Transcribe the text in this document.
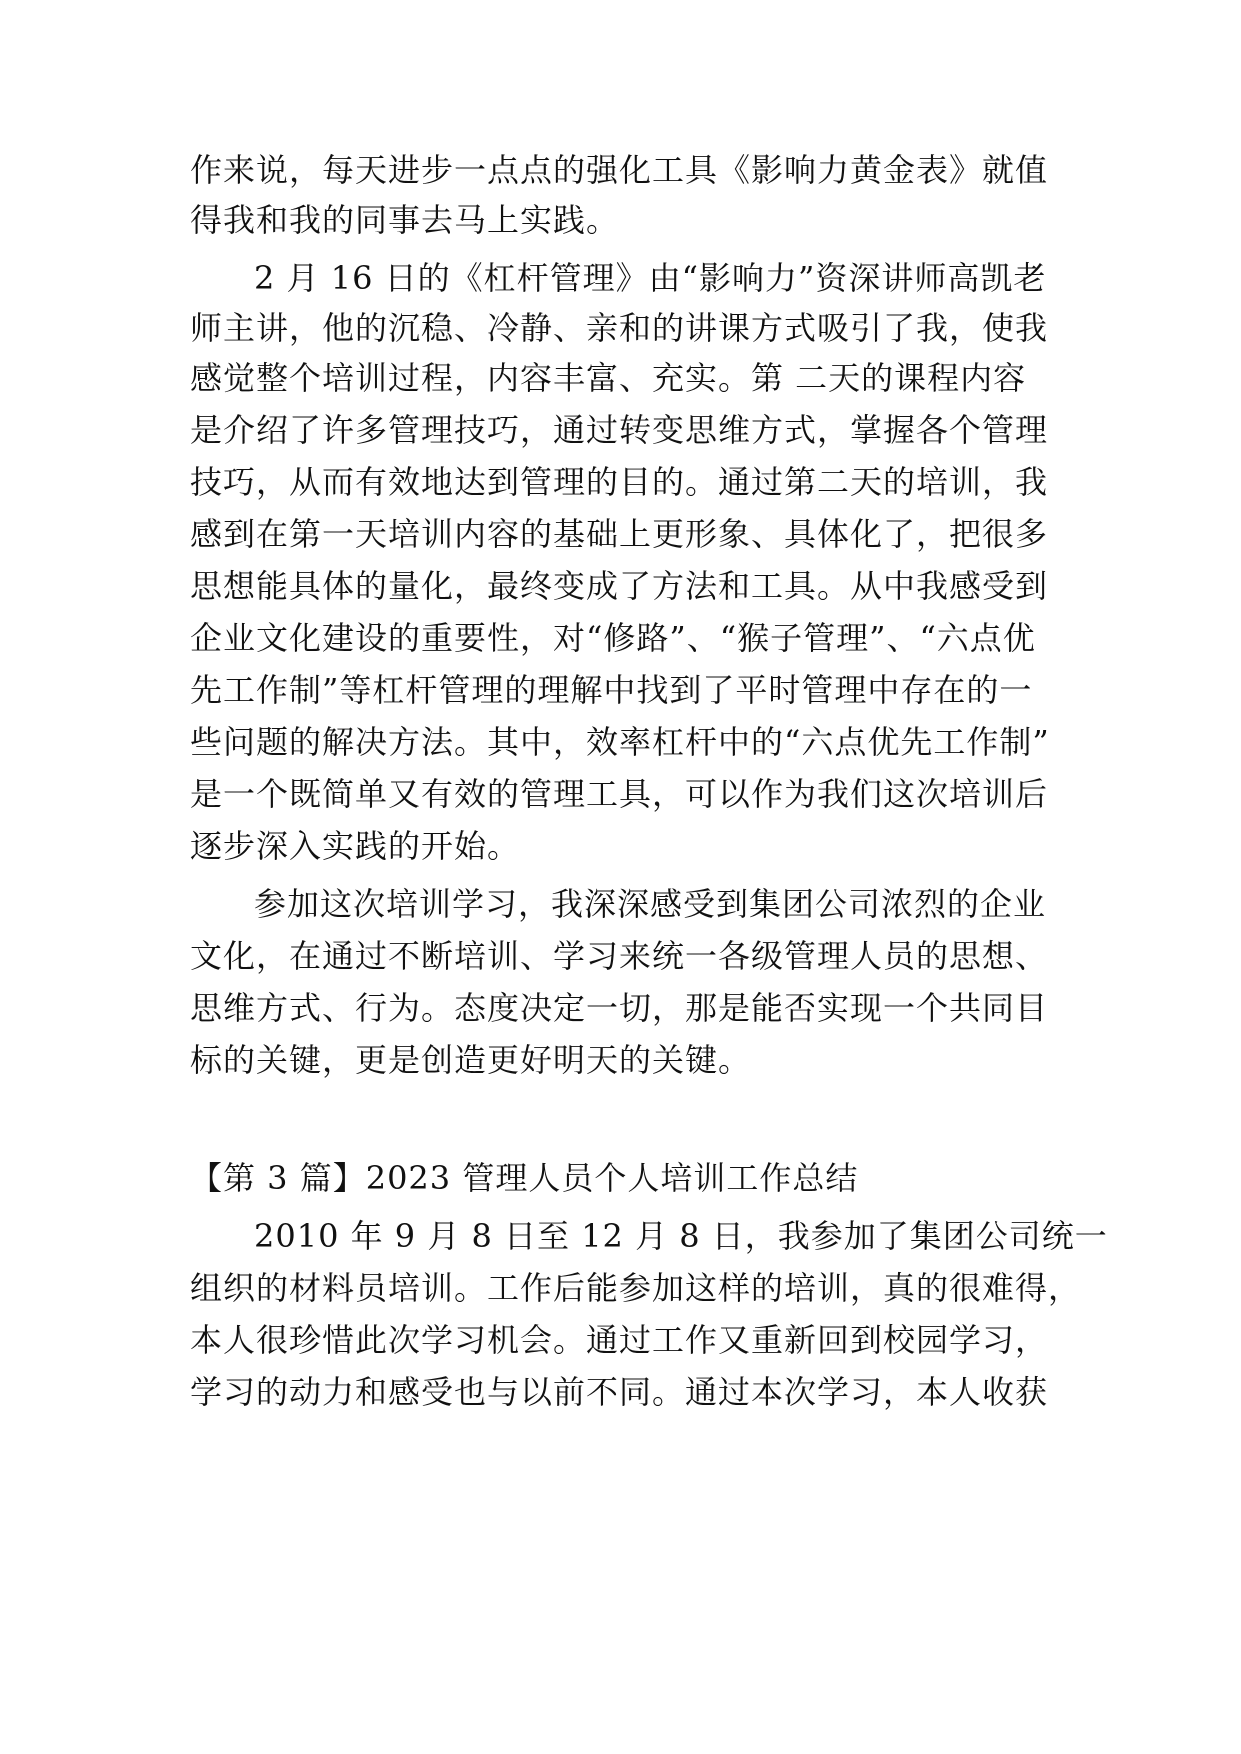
作来说，每天进步一点点的强化工具《影响力黄金表》就值
得我和我的同事去马上实践。
2 月 16 日的《杠杆管理》由“影响力”资深讲师高凯老
师主讲，他的沉稳、冷静、亲和的讲课方式吸引了我，使我
感觉整个培训过程，内容丰富、充实。第 二天的课程内容
是介绍了许多管理技巧，通过转变思维方式，掌握各个管理
技巧，从而有效地达到管理的目的。通过第二天的培训，我
感到在第一天培训内容的基础上更形象、具体化了，把很多
思想能具体的量化，最终变成了方法和工具。从中我感受到
企业文化建设的重要性，对“修路”、“猴子管理”、“六点优
先工作制”等杠杆管理的理解中找到了平时管理中存在的一
些问题的解决方法。其中，效率杠杆中的“六点优先工作制”
是一个既简单又有效的管理工具，可以作为我们这次培训后
逐步深入实践的开始。
参加这次培训学习，我深深感受到集团公司浓烈的企业
文化，在通过不断培训、学习来统一各级管理人员的思想、
思维方式、行为。态度决定一切，那是能否实现一个共同目
标的关键，更是创造更好明天的关键。
【第 3 篇】2023 管理人员个人培训工作总结
2010 年 9 月 8 日至 12 月 8 日，我参加了集团公司统一
组织的材料员培训。工作后能参加这样的培训，真的很难得，
本人很珍惜此次学习机会。通过工作又重新回到校园学习，
学习的动力和感受也与以前不同。通过本次学习，本人收获
